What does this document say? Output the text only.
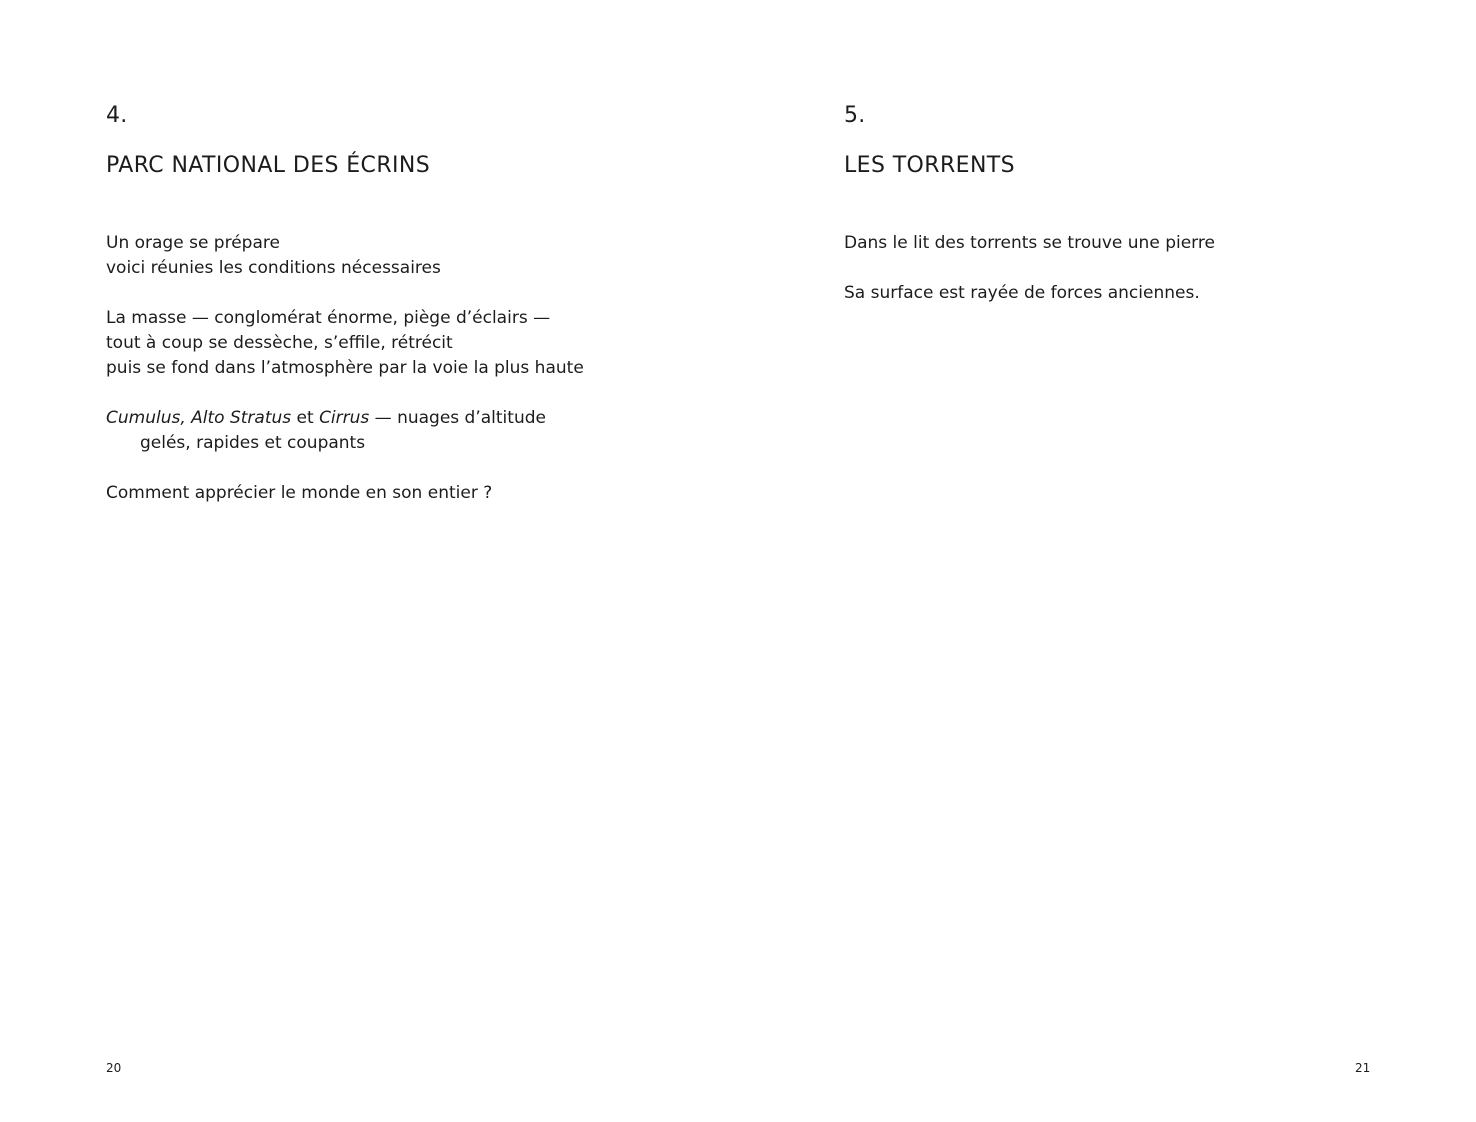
4.
PARC NATIONAL DES ÉCRINS
Un orage se prépare
voici réunies les conditions nécessaires
La masse — conglomérat énorme, piège d’éclairs —
tout à coup se dessèche, s’effile, rétrécit
puis se fond dans l’atmosphère par la voie la plus haute
Cumulus, Alto Stratus et Cirrus — nuages d’altitude
gelés, rapides et coupants
Comment apprécier le monde en son entier ?
5.
LES TORRENTS
Dans le lit des torrents se trouve une pierre
Sa surface est rayée de forces anciennes.
20	21
